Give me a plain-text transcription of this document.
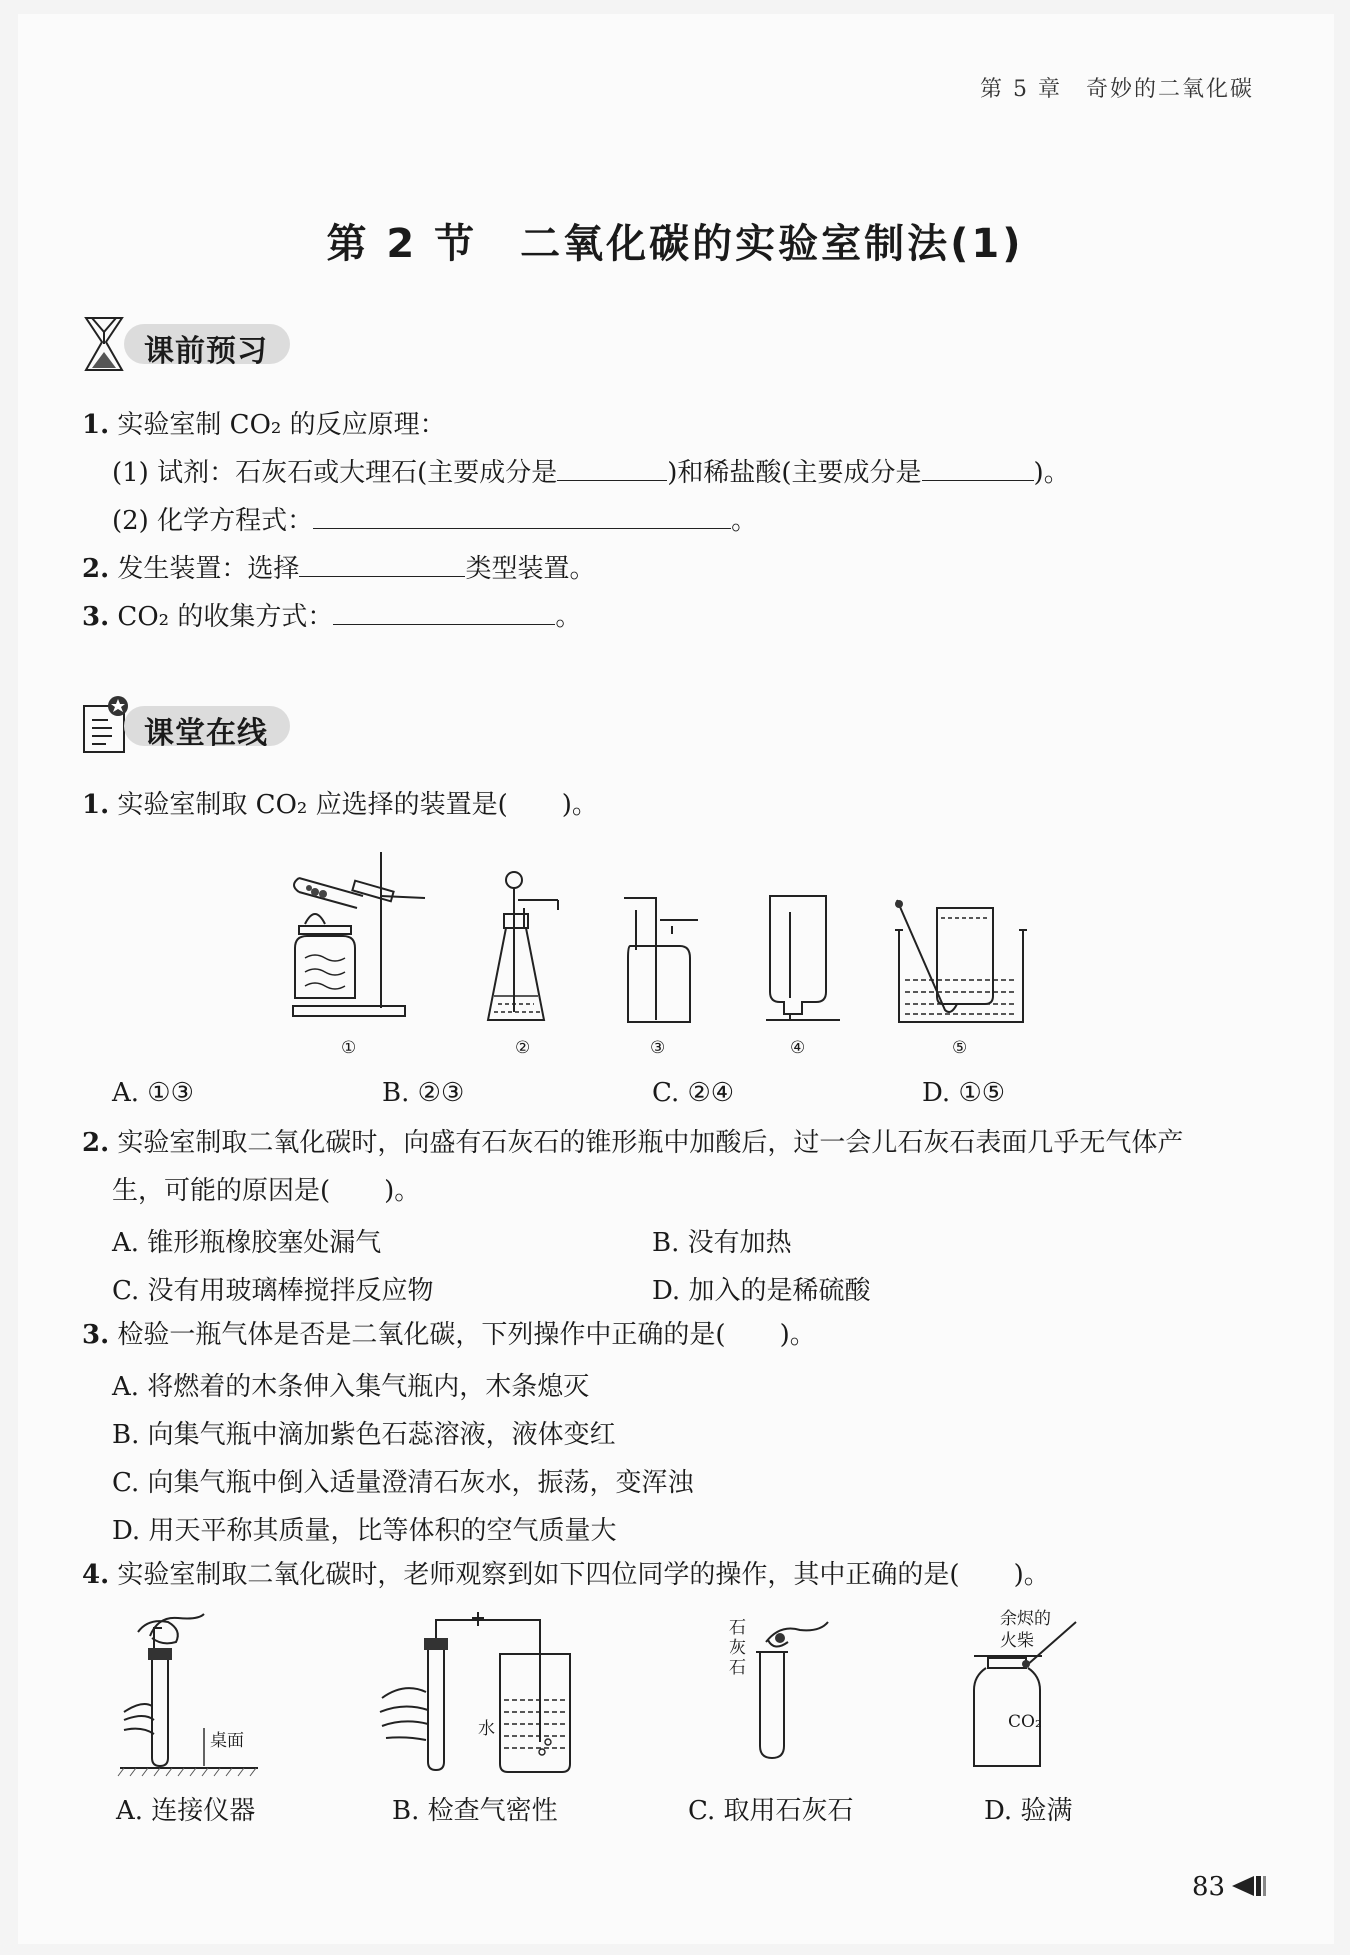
第 5 章　奇妙的二氧化碳
第 2 节　二氧化碳的实验室制法(1)
课前预习
1. 实验室制 CO₂ 的反应原理：
(1) 试剂：石灰石或大理石(主要成分是	)和稀盐酸(主要成分是	)。
(2) 化学方程式：	。
2. 发生装置：选择	类型装置。
3. CO₂ 的收集方式：	。
课堂在线
1. 实验室制取 CO₂ 应选择的装置是( )。
①	②	③	④	⑤
A. ①③	B. ②③	C. ②④	D. ①⑤
2. 实验室制取二氧化碳时，向盛有石灰石的锥形瓶中加酸后，过一会儿石灰石表面几乎无气体产
生，可能的原因是( )。
A. 锥形瓶橡胶塞处漏气	B. 没有加热
C. 没有用玻璃棒搅拌反应物	D. 加入的是稀硫酸
3. 检验一瓶气体是否是二氧化碳，下列操作中正确的是( )。
A. 将燃着的木条伸入集气瓶内，木条熄灭
B. 向集气瓶中滴加紫色石蕊溶液，液体变红
C. 向集气瓶中倒入适量澄清石灰水，振荡，变浑浊
D. 用天平称其质量，比等体积的空气质量大
4. 实验室制取二氧化碳时，老师观察到如下四位同学的操作，其中正确的是( )。
桌面
水
石灰石
余烬的
火柴
CO₂
A. 连接仪器	B. 检查气密性	C. 取用石灰石	D. 验满
83
